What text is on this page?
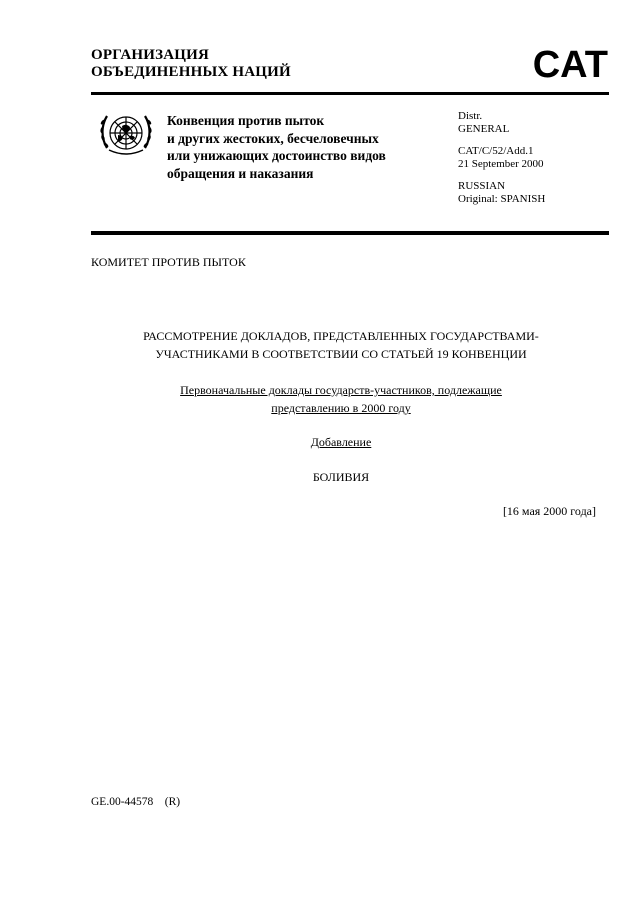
ОРГАНИЗАЦИЯ
ОБЪЕДИНЕННЫХ НАЦИЙ	CAT
Конвенция против пыток
и других жестоких, бесчеловечных
или унижающих достоинство видов
обращения и наказания
Distr.
GENERAL
CAT/C/52/Add.1
21 September 2000
RUSSIAN
Original: SPANISH
КОМИТЕТ ПРОТИВ ПЫТОК
РАССМОТРЕНИЕ ДОКЛАДОВ, ПРЕДСТАВЛЕННЫХ ГОСУДАРСТВАМИ-
УЧАСТНИКАМИ В СООТВЕТСТВИИ СО СТАТЬЕЙ 19 КОНВЕНЦИИ
Первоначальные доклады государств-участников, подлежащие
представлению в 2000 году
Добавление
БОЛИВИЯ
[16 мая 2000 года]
GE.00-44578    (R)
